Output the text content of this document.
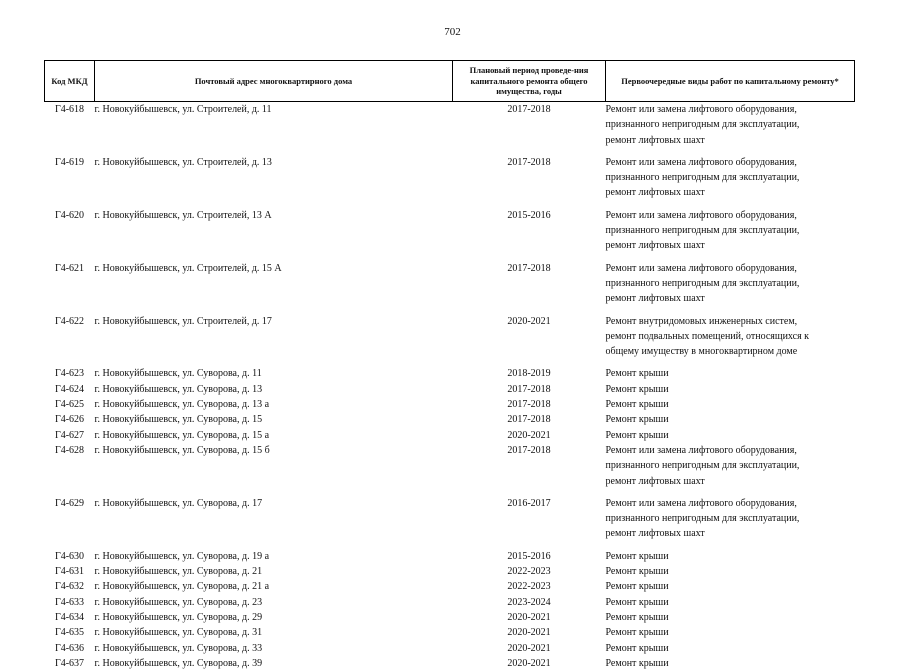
702
Код МКД	Почтовый адрес многоквартирного дома	Плановый период проведе-ния капитального ремонта общего имущества, годы	Первоочередные виды работ по капитальному ремонту*
Г4-618	г. Новокуйбышевск, ул. Строителей, д. 11	2017-2018	Ремонт или замена лифтового оборудования,
признанного непригодным для эксплуатации,
ремонт лифтовых шахт

Г4-619	г. Новокуйбышевск, ул. Строителей, д. 13	2017-2018	Ремонт или замена лифтового оборудования,
признанного непригодным для эксплуатации,
ремонт лифтовых шахт

Г4-620	г. Новокуйбышевск, ул. Строителей, 13 А	2015-2016	Ремонт или замена лифтового оборудования,
признанного непригодным для эксплуатации,
ремонт лифтовых шахт

Г4-621	г. Новокуйбышевск, ул. Строителей, д. 15 А	2017-2018	Ремонт или замена лифтового оборудования,
признанного непригодным для эксплуатации,
ремонт лифтовых шахт

Г4-622	г. Новокуйбышевск, ул. Строителей, д. 17	2020-2021	Ремонт внутридомовых инженерных систем,
ремонт подвальных помещений, относящихся к
общему имуществу в многоквартирном доме

Г4-623	г. Новокуйбышевск, ул. Суворова, д. 11	2018-2019	Ремонт крыши

Г4-624	г. Новокуйбышевск, ул. Суворова, д. 13	2017-2018	Ремонт крыши

Г4-625	г. Новокуйбышевск, ул. Суворова, д. 13 а	2017-2018	Ремонт крыши

Г4-626	г. Новокуйбышевск, ул. Суворова, д. 15	2017-2018	Ремонт крыши

Г4-627	г. Новокуйбышевск, ул. Суворова, д. 15 а	2020-2021	Ремонт крыши

Г4-628	г. Новокуйбышевск, ул. Суворова, д. 15 б	2017-2018	Ремонт или замена лифтового оборудования,
признанного непригодным для эксплуатации,
ремонт лифтовых шахт

Г4-629	г. Новокуйбышевск, ул. Суворова, д. 17	2016-2017	Ремонт или замена лифтового оборудования,
признанного непригодным для эксплуатации,
ремонт лифтовых шахт

Г4-630	г. Новокуйбышевск, ул. Суворова, д. 19 а	2015-2016	Ремонт крыши

Г4-631	г. Новокуйбышевск, ул. Суворова, д. 21	2022-2023	Ремонт крыши

Г4-632	г. Новокуйбышевск, ул. Суворова, д. 21 а	2022-2023	Ремонт крыши

Г4-633	г. Новокуйбышевск, ул. Суворова, д. 23	2023-2024	Ремонт крыши

Г4-634	г. Новокуйбышевск, ул. Суворова, д. 29	2020-2021	Ремонт крыши

Г4-635	г. Новокуйбышевск, ул. Суворова, д. 31	2020-2021	Ремонт крыши

Г4-636	г. Новокуйбышевск, ул. Суворова, д. 33	2020-2021	Ремонт крыши

Г4-637	г. Новокуйбышевск, ул. Суворова, д. 39	2020-2021	Ремонт крыши
